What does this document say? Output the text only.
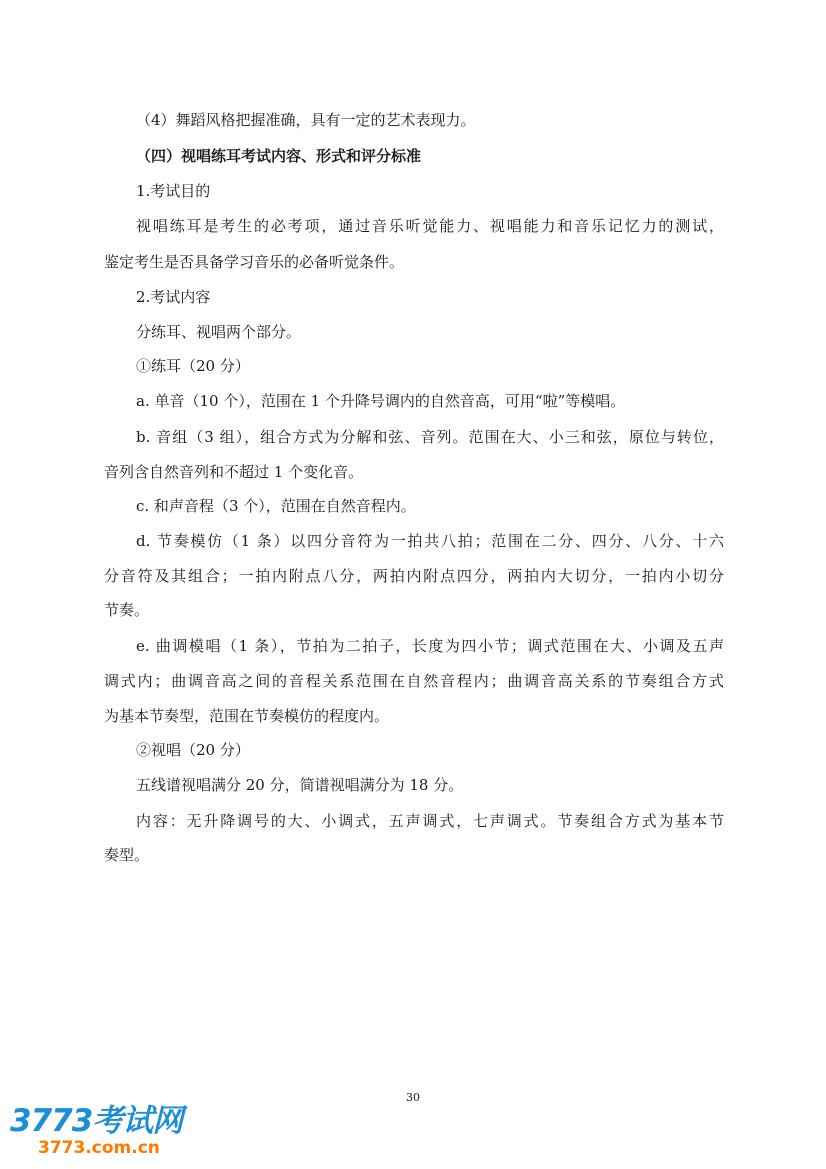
（4）舞蹈风格把握准确，具有一定的艺术表现力。
（四）视唱练耳考试内容、形式和评分标准
1.考试目的
视唱练耳是考生的必考项，通过音乐听觉能力、视唱能力和音乐记忆力的测试，
鉴定考生是否具备学习音乐的必备听觉条件。
2.考试内容
分练耳、视唱两个部分。
①练耳（20 分）
a. 单音（10 个），范围在 1 个升降号调内的自然音高，可用“啦”等模唱。
b. 音组（3 组），组合方式为分解和弦、音列。范围在大、小三和弦，原位与转位，
音列含自然音列和不超过 1 个变化音。
c. 和声音程（3 个），范围在自然音程内。
d. 节奏模仿（1 条）以四分音符为一拍共八拍；范围在二分、四分、八分、十六
分音符及其组合；一拍内附点八分，两拍内附点四分，两拍内大切分，一拍内小切分
节奏。
e. 曲调模唱（1 条），节拍为二拍子，长度为四小节；调式范围在大、小调及五声
调式内；曲调音高之间的音程关系范围在自然音程内；曲调音高关系的节奏组合方式
为基本节奏型，范围在节奏模仿的程度内。
②视唱（20 分）
五线谱视唱满分 20 分，简谱视唱满分为 18 分。
内容：无升降调号的大、小调式，五声调式，七声调式。节奏组合方式为基本节
奏型。
30
3773考试网
3773.com.cn
